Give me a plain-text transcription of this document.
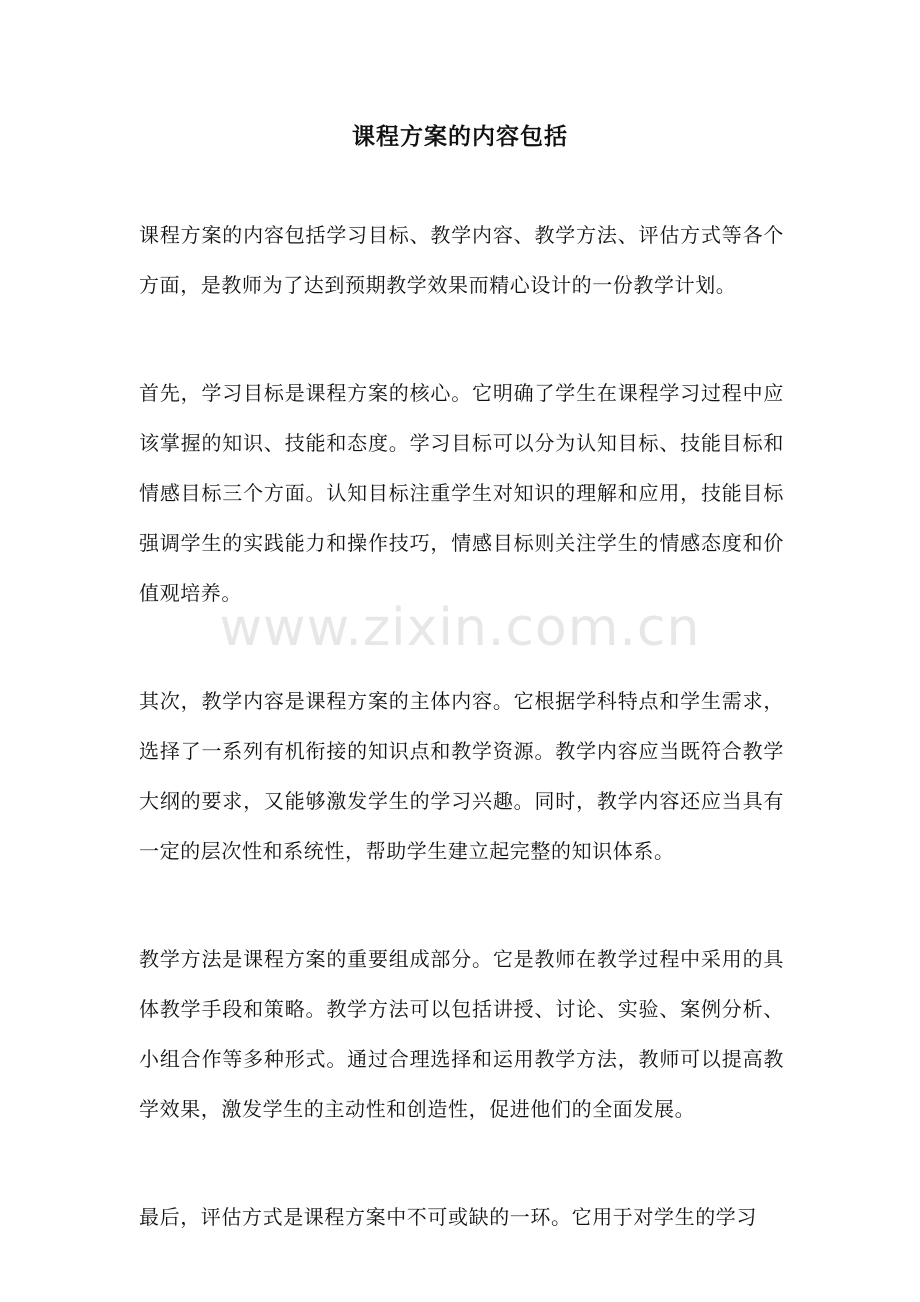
课程方案的内容包括

课程方案的内容包括学习目标、教学内容、教学方法、评估方式等各个方面，是教师为了达到预期教学效果而精心设计的一份教学计划。

首先，学习目标是课程方案的核心。它明确了学生在课程学习过程中应该掌握的知识、技能和态度。学习目标可以分为认知目标、技能目标和情感目标三个方面。认知目标注重学生对知识的理解和应用，技能目标强调学生的实践能力和操作技巧，情感目标则关注学生的情感态度和价值观培养。

其次，教学内容是课程方案的主体内容。它根据学科特点和学生需求，选择了一系列有机衔接的知识点和教学资源。教学内容应当既符合教学大纲的要求，又能够激发学生的学习兴趣。同时，教学内容还应当具有一定的层次性和系统性，帮助学生建立起完整的知识体系。

教学方法是课程方案的重要组成部分。它是教师在教学过程中采用的具体教学手段和策略。教学方法可以包括讲授、讨论、实验、案例分析、小组合作等多种形式。通过合理选择和运用教学方法，教师可以提高教学效果，激发学生的主动性和创造性，促进他们的全面发展。

最后，评估方式是课程方案中不可或缺的一环。它用于对学生的学习

www.zixin.com.cn
